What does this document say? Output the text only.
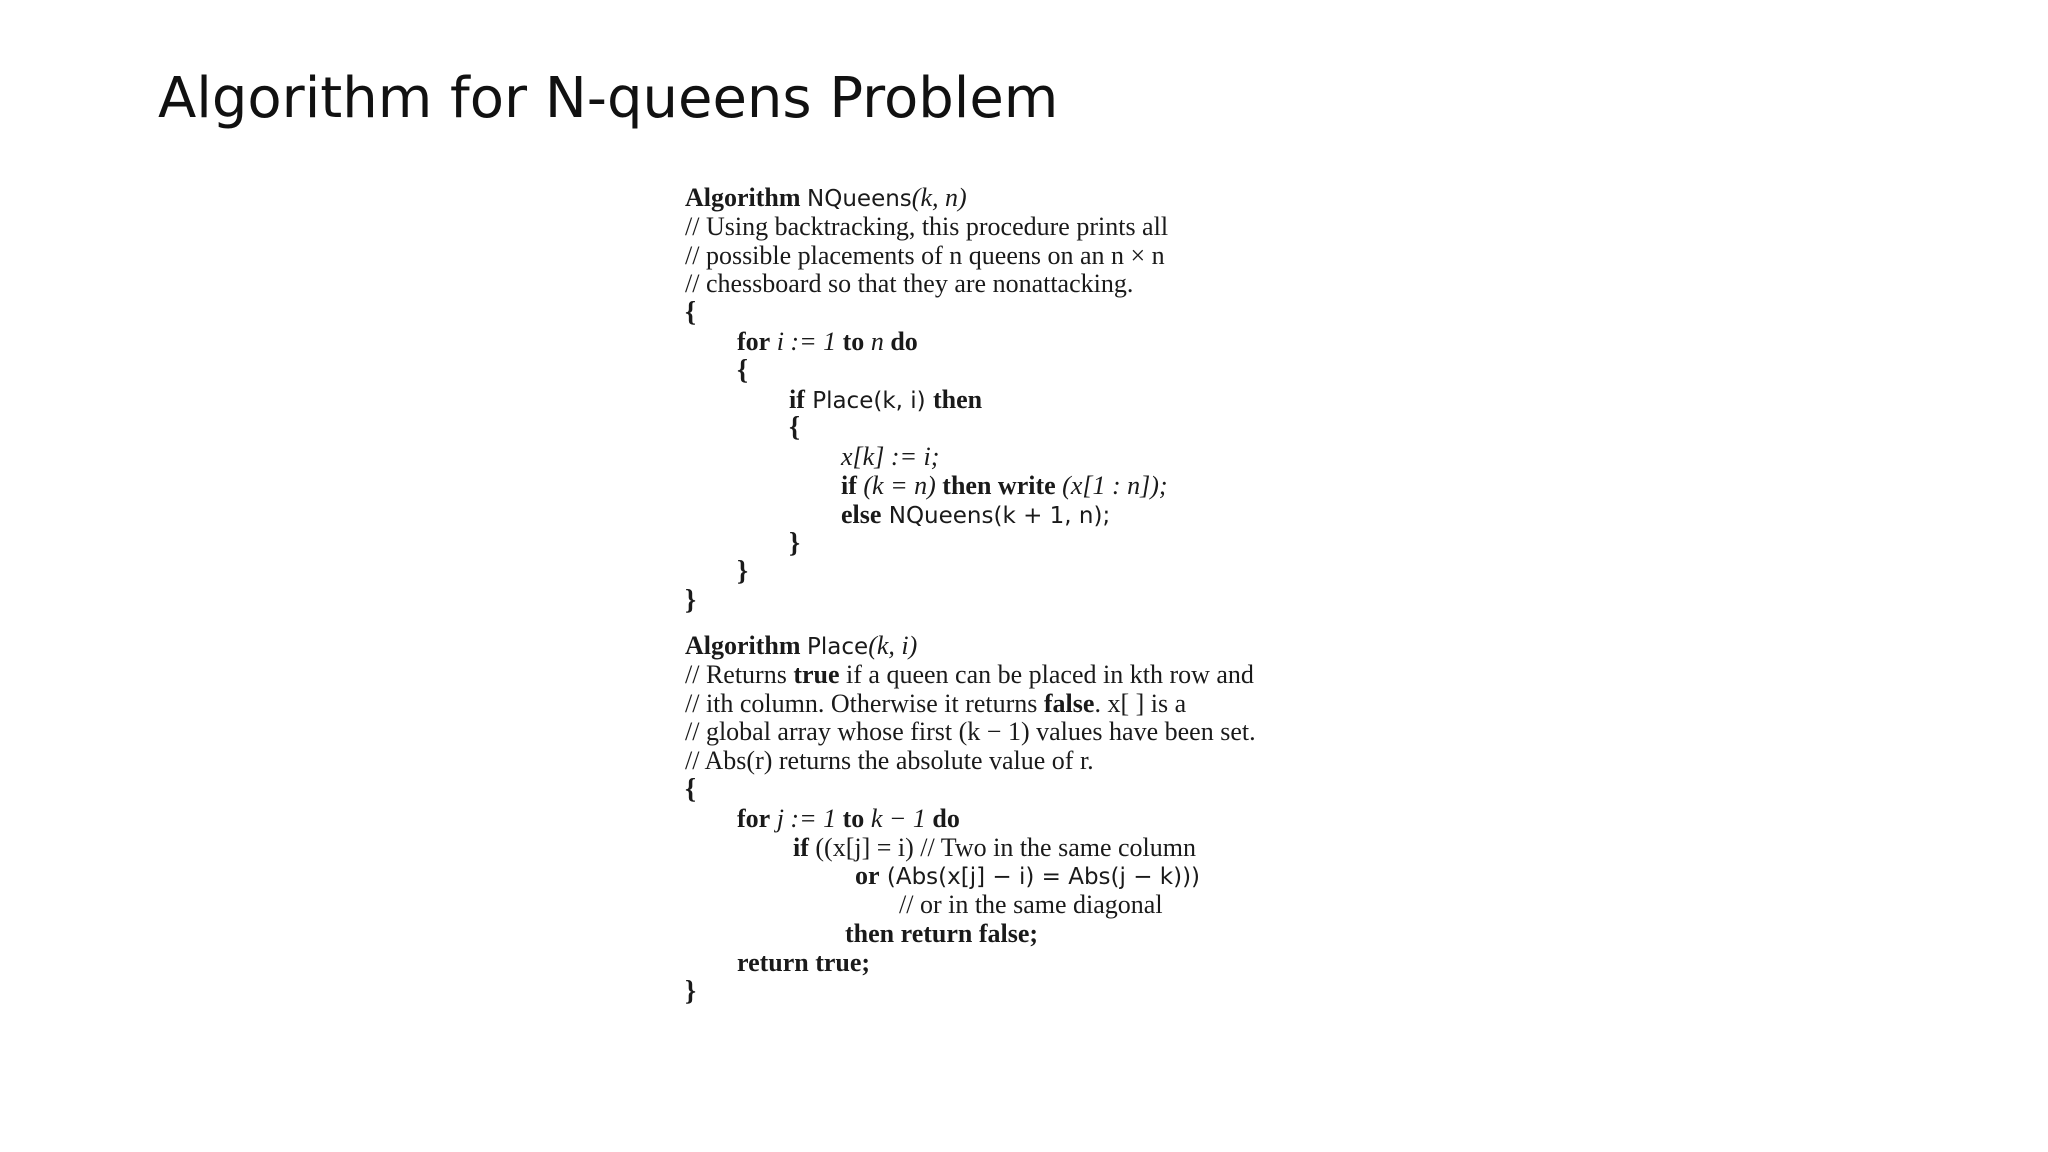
Algorithm for N-queens Problem
Algorithm NQueens(k, n)
// Using backtracking, this procedure prints all
// possible placements of n queens on an n × n
// chessboard so that they are nonattacking.
{
for i := 1 to n do
{
if Place(k, i) then
{
x[k] := i;
if (k = n) then write (x[1 : n]);
else NQueens(k + 1, n);
}
}
}
Algorithm Place(k, i)
// Returns true if a queen can be placed in kth row and
// ith column. Otherwise it returns false. x[ ] is a
// global array whose first (k − 1) values have been set.
// Abs(r) returns the absolute value of r.
{
for j := 1 to k − 1 do
if ((x[j] = i) // Two in the same column
or (Abs(x[j] − i) = Abs(j − k)))
// or in the same diagonal
then return false;
return true;
}
